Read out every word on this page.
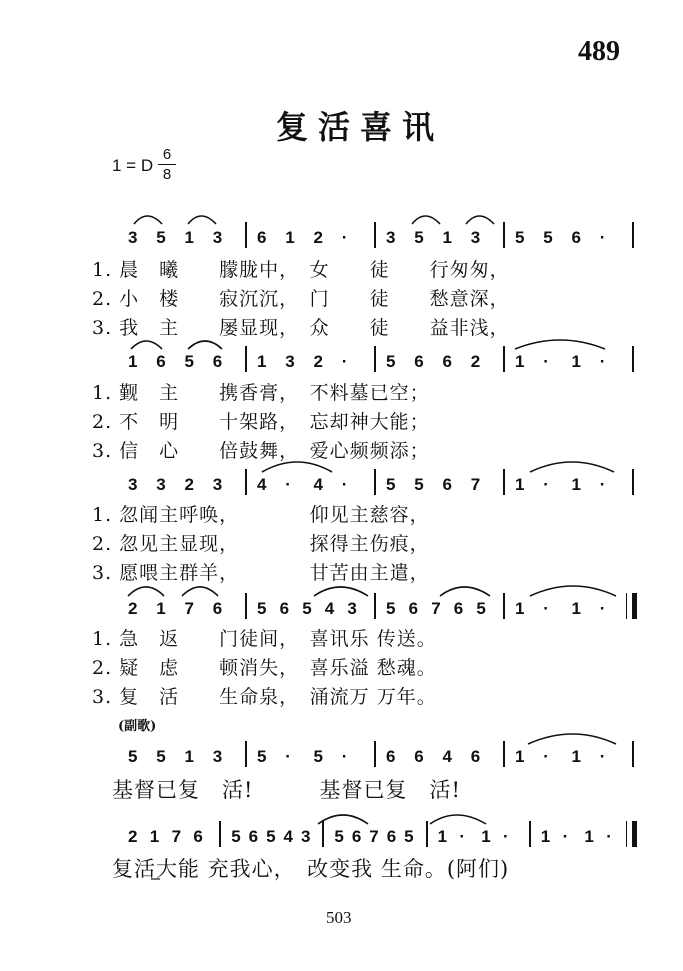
489
复活喜讯
1 = D
6
8
3 5 1 3 6 1 2 · 3 5 1 3 5 5 6 ·
1. 晨　曦　　朦胧中，　女　　徒　　行匆匆，
2. 小　楼　　寂沉沉，　门　　徒　　愁意深，
3. 我　主　　屡显现，　众　　徒　　益非浅，
1 6 5 6 1 3 2 · 5 6 6 2 1 · 1 ·
1. 觐　主　　携香膏，　不料墓已空；
2. 不　明　　十架路，　忘却神大能；
3. 信　心　　倍鼓舞，　爱心频频添；
3 3 2 3 4 · 4 · 5 5 6 7 1 · 1 ·
1. 忽闻主呼唤，　　　　仰见主慈容，
2. 忽见主显现，　　　　探得主伤痕，
3. 愿喂主群羊，　　　　甘苦由主遣，
2 1 7 6 5 6 5 4 3 5 6 7 6 5 1 · 1 ·
1. 急　返　　门徒间，　喜讯乐 传送。
2. 疑　虑　　顿消失，　喜乐溢 愁魂。
3. 复　活　　生命泉，　涌流万 万年。
(副歌)
5 5 1 3 5 · 5 · 6 6 4 6 1 · 1 ·
基督已复　活!　　　基督已复　活!
2 1 7 6 5 6 5 4 3 5 6 7 6 5 1 · 1 · 1 · 1 ·
复活大能 充我心，　改变我 生命。(阿们)
503
